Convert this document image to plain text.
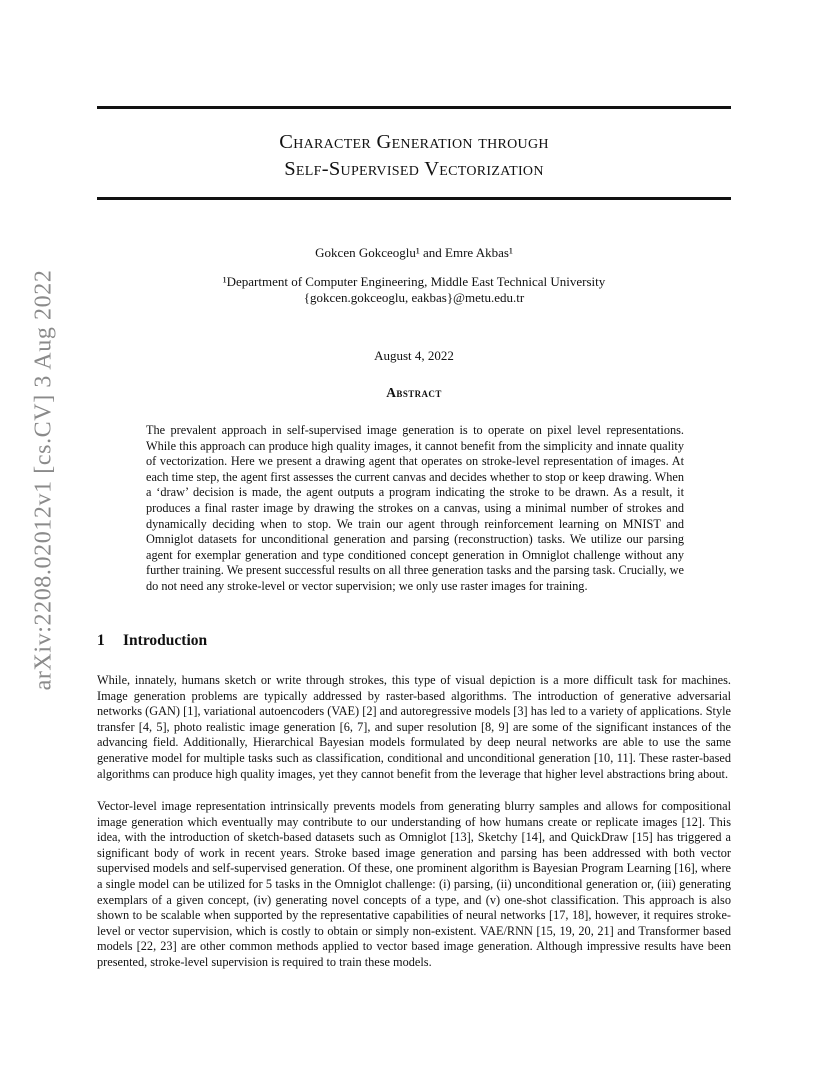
arXiv:2208.02012v1 [cs.CV] 3 Aug 2022
Character Generation through
Self-Supervised Vectorization
Gokcen Gokceoglu¹ and Emre Akbas¹
¹Department of Computer Engineering, Middle East Technical University
{gokcen.gokceoglu, eakbas}@metu.edu.tr
August 4, 2022
Abstract

The prevalent approach in self-supervised image generation is to operate on pixel level representations. While this approach can produce high quality images, it cannot benefit from the simplicity and innate quality of vectorization. Here we present a drawing agent that operates on stroke-level representation of images. At each time step, the agent first assesses the current canvas and decides whether to stop or keep drawing. When a ‘draw’ decision is made, the agent outputs a program indicating the stroke to be drawn. As a result, it produces a final raster image by drawing the strokes on a canvas, using a minimal number of strokes and dynamically deciding when to stop. We train our agent through reinforcement learning on MNIST and Omniglot datasets for unconditional generation and parsing (reconstruction) tasks. We utilize our parsing agent for exemplar generation and type conditioned concept generation in Omniglot challenge without any further training. We present successful results on all three generation tasks and the parsing task. Crucially, we do not need any stroke-level or vector supervision; we only use raster images for training.

1 Introduction

While, innately, humans sketch or write through strokes, this type of visual depiction is a more difficult task for machines. Image generation problems are typically addressed by raster-based algorithms. The introduction of generative adversarial networks (GAN) [1], variational autoencoders (VAE) [2] and autoregressive models [3] has led to a variety of applications. Style transfer [4, 5], photo realistic image generation [6, 7], and super resolution [8, 9] are some of the significant instances of the advancing field. Additionally, Hierarchical Bayesian models formulated by deep neural networks are able to use the same generative model for multiple tasks such as classification, conditional and unconditional generation [10, 11]. These raster-based algorithms can produce high quality images, yet they cannot benefit from the leverage that higher level abstractions bring about.

Vector-level image representation intrinsically prevents models from generating blurry samples and allows for compositional image generation which eventually may contribute to our understanding of how humans create or replicate images [12]. This idea, with the introduction of sketch-based datasets such as Omniglot [13], Sketchy [14], and QuickDraw [15] has triggered a significant body of work in recent years. Stroke based image generation and parsing has been addressed with both vector supervised models and self-supervised generation. Of these, one prominent algorithm is Bayesian Program Learning [16], where a single model can be utilized for 5 tasks in the Omniglot challenge: (i) parsing, (ii) unconditional generation or, (iii) generating exemplars of a given concept, (iv) generating novel concepts of a type, and (v) one-shot classification. This approach is also shown to be scalable when supported by the representative capabilities of neural networks [17, 18], however, it requires stroke-level or vector supervision, which is costly to obtain or simply non-existent. VAE/RNN [15, 19, 20, 21] and Transformer based models [22, 23] are other common methods applied to vector based image generation. Although impressive results have been presented, stroke-level supervision is required to train these models.
